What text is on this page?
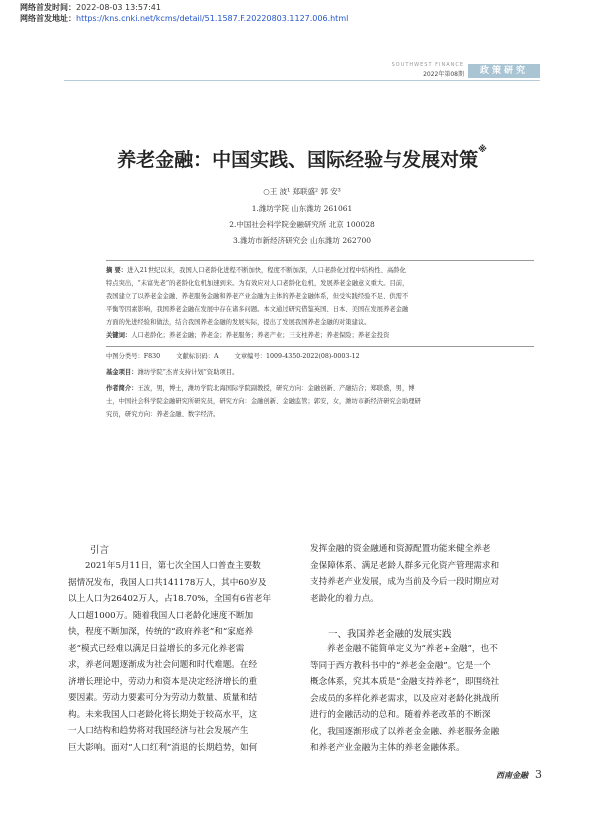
网络首发时间：2022-08-03 13:57:41
网络首发地址：https://kns.cnki.net/kcms/detail/51.1587.F.20220803.1127.006.html
SOUTHWEST FINANCE
2022年第08期	政策研究
养老金融：中国实践、国际经验与发展对策※
○王 波¹ 郑联盛² 郭 安³
1.潍坊学院 山东潍坊 261061
2.中国社会科学院金融研究所 北京 100028
3.潍坊市新经济研究会 山东潍坊 262700
摘 要：进入21世纪以来，我国人口老龄化进程不断加快，程度不断加深，人口老龄化过程中结构性、高龄化
特点突出，“未富先老”的老龄化危机加速到来。为有效应对人口老龄化危机，发展养老金融意义重大。目前，
我国建立了以养老金金融、养老服务金融和养老产业金融为主体的养老金融体系，但受实践经验不足、供需不
平衡等因素影响，我国养老金融在发展中存在诸多问题。本文通过研究借鉴英国、日本、美国在发展养老金融
方面的先进经验和做法，结合我国养老金融的发展实际，提出了发展我国养老金融的对策建议。
关键词：人口老龄化；养老金融；养老金；养老服务；养老产业；三支柱养老；养老保险；养老金投资
中图分类号：F830	文献标识码：A	文章编号：1009-4350-2022(08)-0003-12
基金项目：潍坊学院“杰青支持计划”资助项目。
作者简介：王波，男，博士，潍坊学院北海国际学院副教授，研究方向：金融创新、产融结合；郑联盛，男，博
士，中国社会科学院金融研究所研究员，研究方向：金融创新、金融监管；郭安，女，潍坊市新经济研究会助理研
究员，研究方向：养老金融、数字经济。
引言
2021年5月11日，第七次全国人口普查主要数
据情况发布，我国人口共141178万人，其中60岁及
以上人口为26402万人，占18.70%，全国有6省老年
人口超1000万。随着我国人口老龄化速度不断加
快，程度不断加深，传统的“政府养老”和“家庭养
老”模式已经难以满足日益增长的多元化养老需
求，养老问题逐渐成为社会问题和时代难题。在经
济增长理论中，劳动力和资本是决定经济增长的重
要因素。劳动力要素可分为劳动力数量、质量和结
构。未来我国人口老龄化将长期处于较高水平，这
一人口结构和趋势将对我国经济与社会发展产生
巨大影响。面对“人口红利”消退的长期趋势，如何
发挥金融的资金融通和资源配置功能来健全养老
金保障体系、满足老龄人群多元化资产管理需求和
支持养老产业发展，成为当前及今后一段时期应对
老龄化的着力点。
一、我国养老金融的发展实践
养老金融不能简单定义为“养老+金融”，也不
等同于西方教科书中的“养老金金融”。它是一个
概念体系，究其本质是“金融支持养老”，即围绕社
会成员的多样化养老需求，以及应对老龄化挑战所
进行的金融活动的总和。随着养老改革的不断深
化，我国逐渐形成了以养老金金融、养老服务金融
和养老产业金融为主体的养老金融体系。
西南金融 3
